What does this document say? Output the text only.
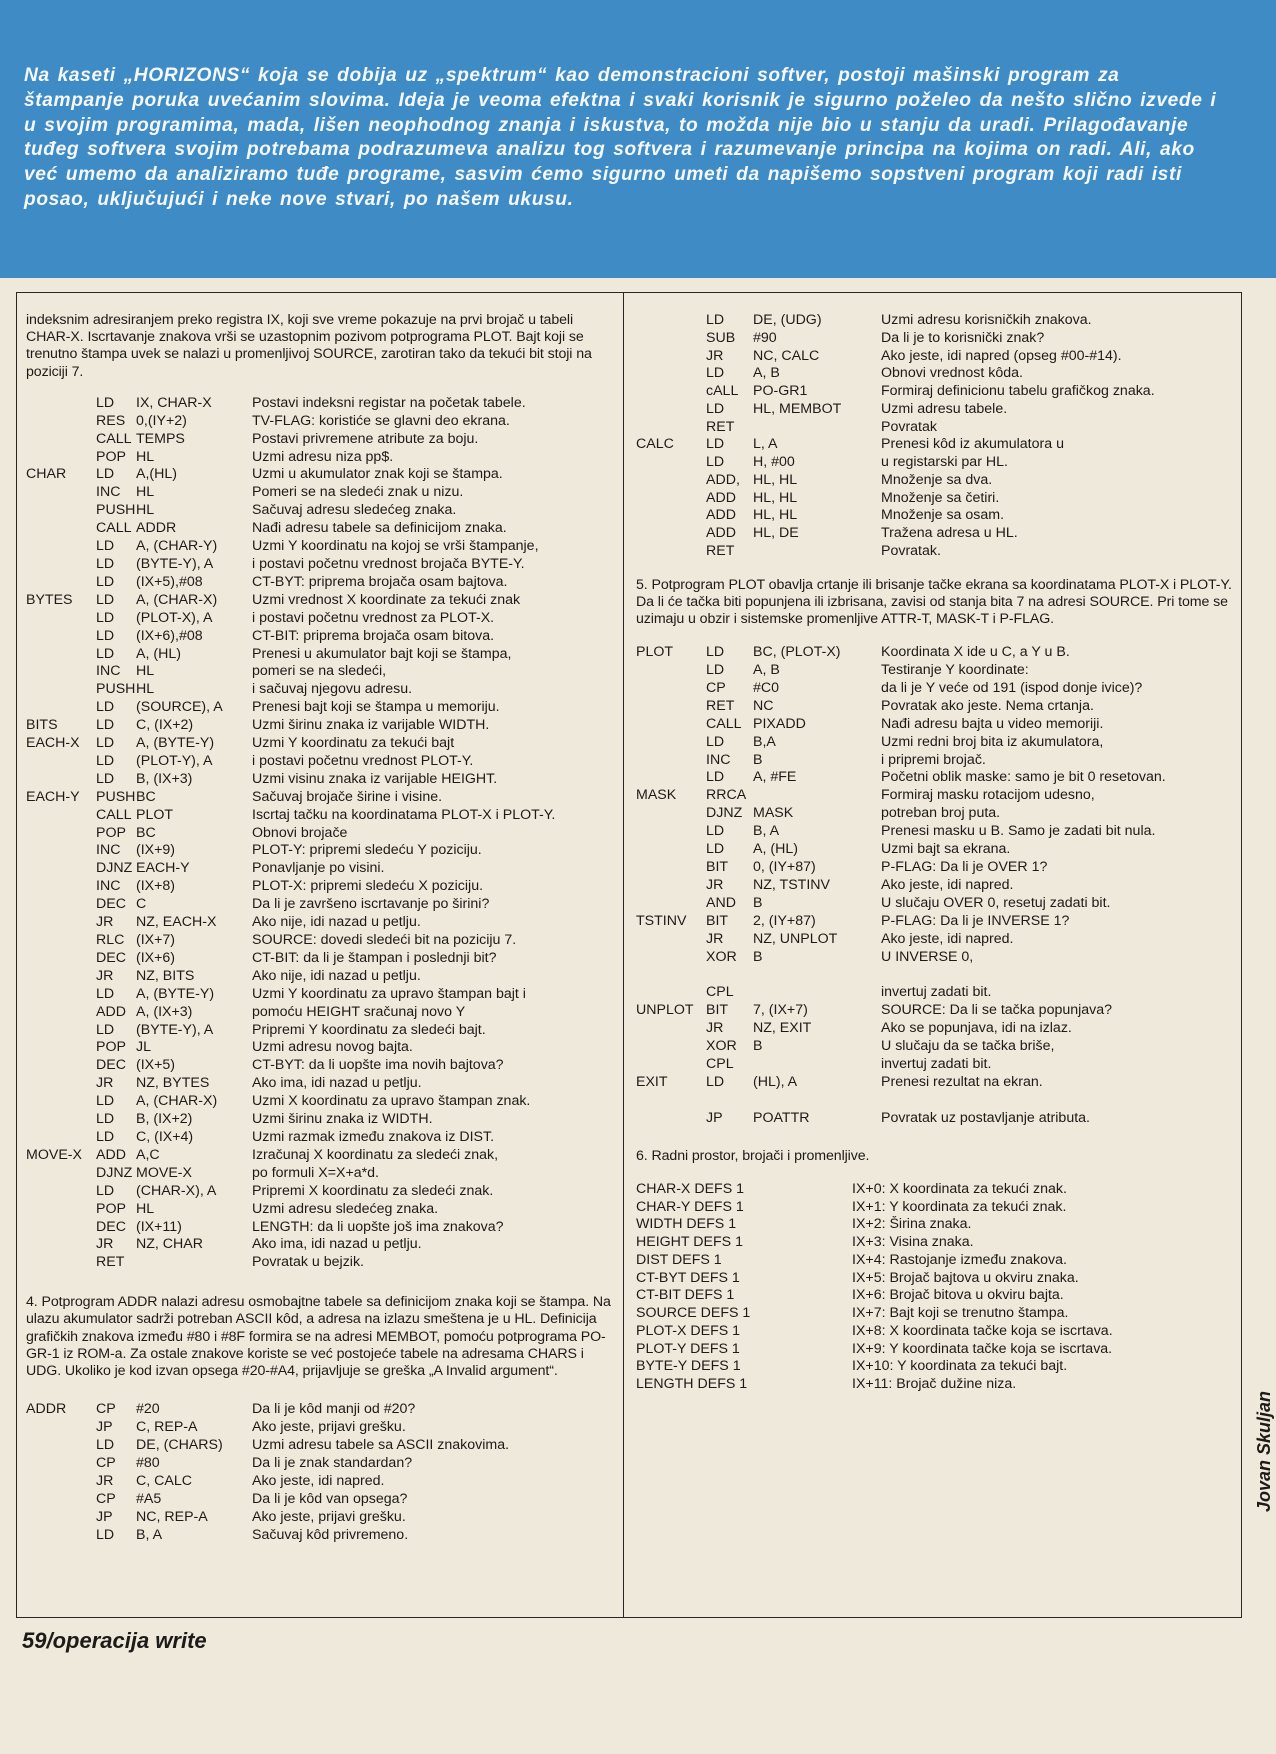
Na kaseti „HORIZONS“ koja se dobija uz „spektrum“ kao demonstracioni softver, postoji mašinski program za štampanje poruka uvećanim slovima. Ideja je veoma efektna i svaki korisnik je sigurno poželeo da nešto slično izvede i u svojim programima, mada, lišen neophodnog znanja i iskustva, to možda nije bio u stanju da uradi. Prilagođavanje tuđeg softvera svojim potrebama podrazumeva analizu tog softvera i razumevanje principa na kojima on radi. Ali, ako već umemo da analiziramo tuđe programe, sasvim ćemo sigurno umeti da napišemo sopstveni program koji radi isti posao, uključujući i neke nove stvari, po našem ukusu.

indeksnim adresiranjem preko registra IX, koji sve vreme pokazuje na prvi brojač u tabeli CHAR-X. Iscrtavanje znakova vrši se uzastopnim pozivom potprograma PLOT. Bajt koji se trenutno štampa uvek se nalazi u promenljivoj SOURCE, zarotiran tako da tekući bit stoji na poziciji 7.

	LD	IX, CHAR-X	Postavi indeksni registar na početak tabele.
	RES	0,(IY+2)	TV-FLAG: koristiće se glavni deo ekrana.
	CALL	TEMPS	Postavi privremene atribute za boju.
	POP	HL	Uzmi adresu niza pp$.
CHAR	LD	A,(HL)	Uzmi u akumulator znak koji se štampa.
	INC	HL	Pomeri se na sledeći znak u nizu.
	PUSH	HL	Sačuvaj adresu sledećeg znaka.
	CALL	ADDR	Nađi adresu tabele sa definicijom znaka.
	LD	A, (CHAR-Y)	Uzmi Y koordinatu na kojoj se vrši štampanje,
	LD	(BYTE-Y), A	i postavi početnu vrednost brojača BYTE-Y.
	LD	(IX+5),#08	CT-BYT: priprema brojača osam bajtova.
BYTES	LD	A, (CHAR-X)	Uzmi vrednost X koordinate za tekući znak
	LD	(PLOT-X), A	i postavi početnu vrednost za PLOT-X.
	LD	(IX+6),#08	CT-BIT: priprema brojača osam bitova.
	LD	A, (HL)	Prenesi u akumulator bajt koji se štampa,
	INC	HL	pomeri se na sledeći,
	PUSH	HL	i sačuvaj njegovu adresu.
	LD	(SOURCE), A	Prenesi bajt koji se štampa u memoriju.
BITS	LD	C, (IX+2)	Uzmi širinu znaka iz varijable WIDTH.
EACH-X	LD	A, (BYTE-Y)	Uzmi Y koordinatu za tekući bajt
	LD	(PLOT-Y), A	i postavi početnu vrednost PLOT-Y.
	LD	B, (IX+3)	Uzmi visinu znaka iz varijable HEIGHT.
EACH-Y	PUSH	BC	Sačuvaj brojače širine i visine.
	CALL	PLOT	Iscrtaj tačku na koordinatama PLOT-X i PLOT-Y.
	POP	BC	Obnovi brojače
	INC	(IX+9)	PLOT-Y: pripremi sledeću Y poziciju.
	DJNZ	EACH-Y	Ponavljanje po visini.
	INC	(IX+8)	PLOT-X: pripremi sledeću X poziciju.
	DEC	C	Da li je završeno iscrtavanje po širini?
	JR	NZ, EACH-X	Ako nije, idi nazad u petlju.
	RLC	(IX+7)	SOURCE: dovedi sledeći bit na poziciju 7.
	DEC	(IX+6)	CT-BIT: da li je štampan i poslednji bit?
	JR	NZ, BITS	Ako nije, idi nazad u petlju.
	LD	A, (BYTE-Y)	Uzmi Y koordinatu za upravo štampan bajt i
	ADD	A, (IX+3)	pomoću HEIGHT sračunaj novo Y
	LD	(BYTE-Y), A	Pripremi Y koordinatu za sledeći bajt.
	POP	JL	Uzmi adresu novog bajta.
	DEC	(IX+5)	CT-BYT: da li uopšte ima novih bajtova?
	JR	NZ, BYTES	Ako ima, idi nazad u petlju.
	LD	A, (CHAR-X)	Uzmi X koordinatu za upravo štampan znak.
	LD	B, (IX+2)	Uzmi širinu znaka iz WIDTH.
	LD	C, (IX+4)	Uzmi razmak između znakova iz DIST.
MOVE-X	ADD	A,C	Izračunaj X koordinatu za sledeći znak,
	DJNZ	MOVE-X	po formuli X=X+a*d.
	LD	(CHAR-X), A	Pripremi X koordinatu za sledeći znak.
	POP	HL	Uzmi adresu sledećeg znaka.
	DEC	(IX+11)	LENGTH: da li uopšte još ima znakova?
	JR	NZ, CHAR	Ako ima, idi nazad u petlju.
	RET		Povratak u bejzik.

4. Potprogram ADDR nalazi adresu osmobajtne tabele sa definicijom znaka koji se štampa. Na ulazu akumulator sadrži potreban ASCII kôd, a adresa na izlazu smeštena je u HL. Definicija grafičkih znakova između #80 i #8F formira se na adresi MEMBOT, pomoću potprograma PO-GR-1 iz ROM-a. Za ostale znakove koriste se već postojeće tabele na adresama CHARS i UDG. Ukoliko je kod izvan opsega #20-#A4, prijavljuje se greška „A Invalid argument“.

ADDR	CP	#20	Da li je kôd manji od #20?
	JP	C, REP-A	Ako jeste, prijavi grešku.
	LD	DE, (CHARS)	Uzmi adresu tabele sa ASCII znakovima.
	CP	#80	Da li je znak standardan?
	JR	C, CALC	Ako jeste, idi napred.
	CP	#A5	Da li je kôd van opsega?
	JP	NC, REP-A	Ako jeste, prijavi grešku.
	LD	B, A	Sačuvaj kôd privremeno.
	LD	DE, (UDG)	Uzmi adresu korisničkih znakova.
	SUB	#90	Da li je to korisnički znak?
	JR	NC, CALC	Ako jeste, idi napred (opseg #00-#14).
	LD	A, B	Obnovi vrednost kôda.
	cALL	PO-GR1	Formiraj definicionu tabelu grafičkog znaka.
	LD	HL, MEMBOT	Uzmi adresu tabele.
	RET		Povratak
CALC	LD	L, A	Prenesi kôd iz akumulatora u
	LD	H, #00	u registarski par HL.
	ADD,	HL, HL	Množenje sa dva.
	ADD	HL, HL	Množenje sa četiri.
	ADD	HL, HL	Množenje sa osam.
	ADD	HL, DE	Tražena adresa u HL.
	RET		Povratak.

5. Potprogram PLOT obavlja crtanje ili brisanje tačke ekrana sa koordinatama PLOT-X i PLOT-Y. Da li će tačka biti popunjena ili izbrisana, zavisi od stanja bita 7 na adresi SOURCE. Pri tome se uzimaju u obzir i sistemske promenljive ATTR-T, MASK-T i P-FLAG.

PLOT	LD	BC, (PLOT-X)	Koordinata X ide u C, a Y u B.
	LD	A, B	Testiranje Y koordinate:
	CP	#C0	da li je Y veće od 191 (ispod donje ivice)?
	RET	NC	Povratak ako jeste. Nema crtanja.
	CALL	PIXADD	Nađi adresu bajta u video memoriji.
	LD	B,A	Uzmi redni broj bita iz akumulatora,
	INC	B	i pripremi brojač.
	LD	A, #FE	Početni oblik maske: samo je bit 0 resetovan.
MASK	RRCA		Formiraj masku rotacijom udesno,
	DJNZ	MASK	potreban broj puta.
	LD	B, A	Prenesi masku u B. Samo je zadati bit nula.
	LD	A, (HL)	Uzmi bajt sa ekrana.
	BIT	0, (IY+87)	P-FLAG: Da li je OVER 1?
	JR	NZ, TSTINV	Ako jeste, idi napred.
	AND	B	U slučaju OVER 0, resetuj zadati bit.
TSTINV	BIT	2, (IY+87)	P-FLAG: Da li je INVERSE 1?
	JR	NZ, UNPLOT	Ako jeste, idi napred.
	XOR	B	U INVERSE 0,
	CPL		invertuj zadati bit.
UNPLOT	BIT	7, (IX+7)	SOURCE: Da li se tačka popunjava?
	JR	NZ, EXIT	Ako se popunjava, idi na izlaz.
	XOR	B	U slučaju da se tačka briše,
	CPL		invertuj zadati bit.
EXIT	LD	(HL), A	Prenesi rezultat na ekran.
	JP	POATTR	Povratak uz postavljanje atributa.

6. Radni prostor, brojači i promenljive.

CHAR-X DEFS 1	IX+0: X koordinata za tekući znak.
CHAR-Y DEFS 1	IX+1: Y koordinata za tekući znak.
WIDTH DEFS 1	IX+2: Širina znaka.
HEIGHT DEFS 1	IX+3: Visina znaka.
DIST DEFS 1	IX+4: Rastojanje između znakova.
CT-BYT DEFS 1	IX+5: Brojač bajtova u okviru znaka.
CT-BIT DEFS 1	IX+6: Brojač bitova u okviru bajta.
SOURCE DEFS 1	IX+7: Bajt koji se trenutno štampa.
PLOT-X DEFS 1	IX+8: X koordinata tačke koja se iscrtava.
PLOT-Y DEFS 1	IX+9: Y koordinata tačke koja se iscrtava.
BYTE-Y DEFS 1	IX+10: Y koordinata za tekući bajt.
LENGTH DEFS 1	IX+11: Brojač dužine niza.
59/operacija write
Jovan Skuljan
